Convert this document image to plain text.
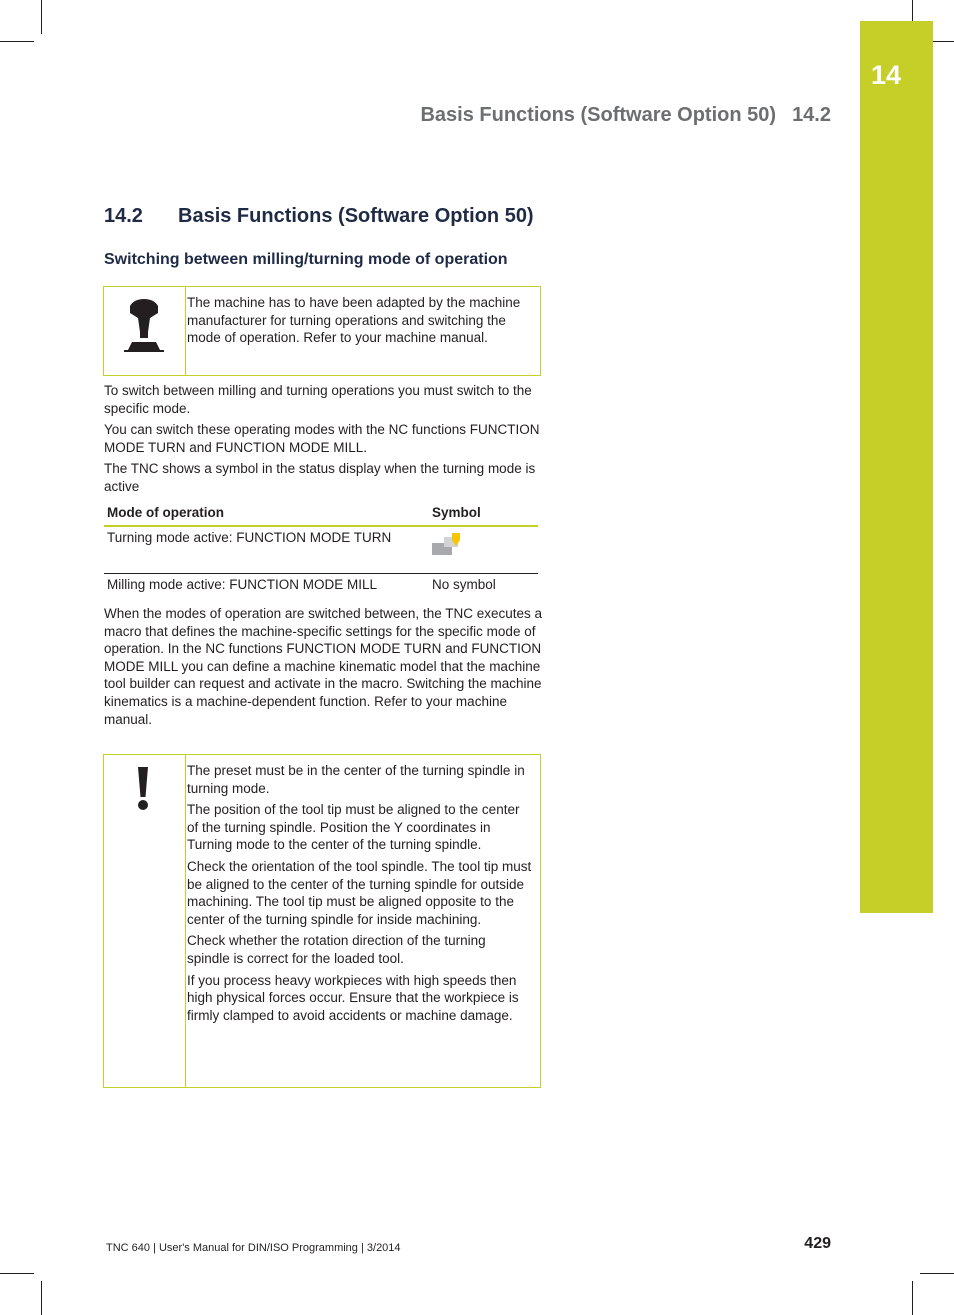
14
Basis Functions (Software Option 50) 14.2
14.2 Basis Functions (Software Option 50)
Switching between milling/turning mode of operation

The machine has to have been adapted by the machine manufacturer for turning operations and switching the mode of operation. Refer to your machine manual.

To switch between milling and turning operations you must switch to the specific mode.

You can switch these operating modes with the NC functions FUNCTION MODE TURN and FUNCTION MODE MILL.

The TNC shows a symbol in the status display when the turning mode is active

Mode of operation	Symbol
Turning mode active: FUNCTION MODE TURN
Milling mode active: FUNCTION MODE MILL	No symbol

When the modes of operation are switched between, the TNC executes a macro that defines the machine-specific settings for the specific mode of operation. In the NC functions FUNCTION MODE TURN and FUNCTION MODE MILL you can define a machine kinematic model that the machine tool builder can request and activate in the macro. Switching the machine kinematics is a machine-dependent function. Refer to your machine manual.

The preset must be in the center of the turning spindle in turning mode.

The position of the tool tip must be aligned to the center of the turning spindle. Position the Y coordinates in Turning mode to the center of the turning spindle.

Check the orientation of the tool spindle. The tool tip must be aligned to the center of the turning spindle for outside machining. The tool tip must be aligned opposite to the center of the turning spindle for inside machining.

Check whether the rotation direction of the turning spindle is correct for the loaded tool.

If you process heavy workpieces with high speeds then high physical forces occur. Ensure that the workpiece is firmly clamped to avoid accidents or machine damage.

TNC 640 | User's Manual for DIN/ISO Programming | 3/2014	429
